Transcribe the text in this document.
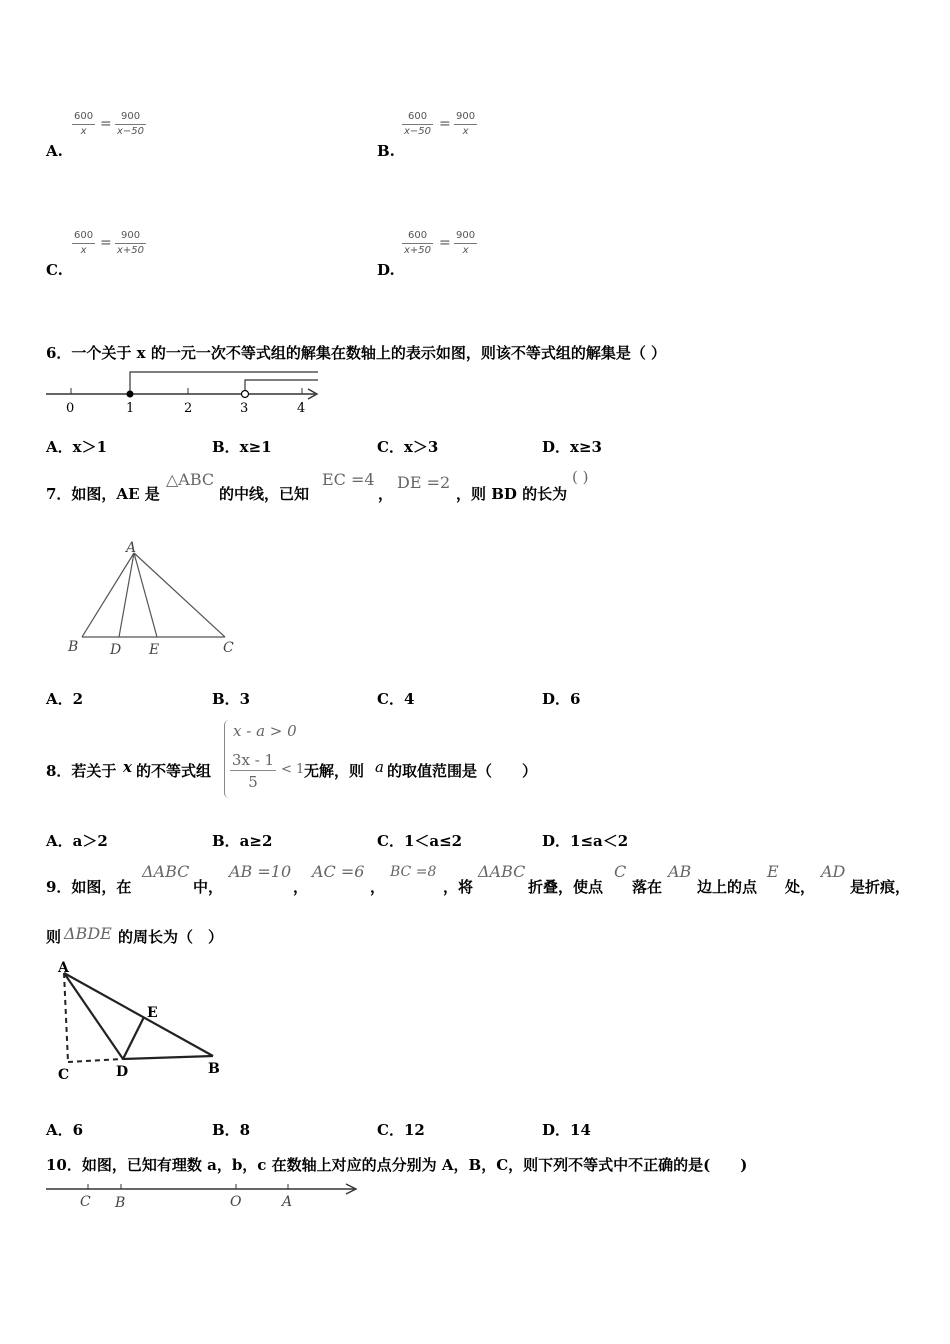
A.
$\frac{600}{x} = \frac{900}{x-50}$
B.
$\frac{600}{x-50} = \frac{900}{x}$
C.
$\frac{600}{x} = \frac{900}{x+50}$
D.
$\frac{600}{x+50} = \frac{900}{x}$
6．一个关于 x 的一元一次不等式组的解集在数轴上的表示如图，则该不等式组的解集是（ ）
0	1	2	3	4
A．x＞1	B．x≥1	C．x＞3	D．x≥3
7．如图，AE 是
△ABC
的中线，已知
EC =4
，
DE =2
，则 BD 的长为
( )
A
B D E	C
A．2	B．3	C．4	D．6
8．若关于 x 的不等式组
x - a > 0
$\frac{3x - 1}{5} < 1$ 无解，则 a 的取值范围是（　　）
A．a＞2	B．a≥2	C．1＜a≤2	D．1≤a＜2
9．如图，在
ΔABC
中，
AB =10
，
AC =6
，
BC =8
，将
ΔABC
折叠，使点
C
落在
AB
边上的点
E
处，
AD
是折痕，
则 ΔBDE 的周长为（　）
A
E
C	D	B
A．6	B．8	C．12	D．14
10．如图，已知有理数 a，b，c 在数轴上对应的点分别为 A，B，C，则下列不等式中不正确的是(　　)
C B	O	A
